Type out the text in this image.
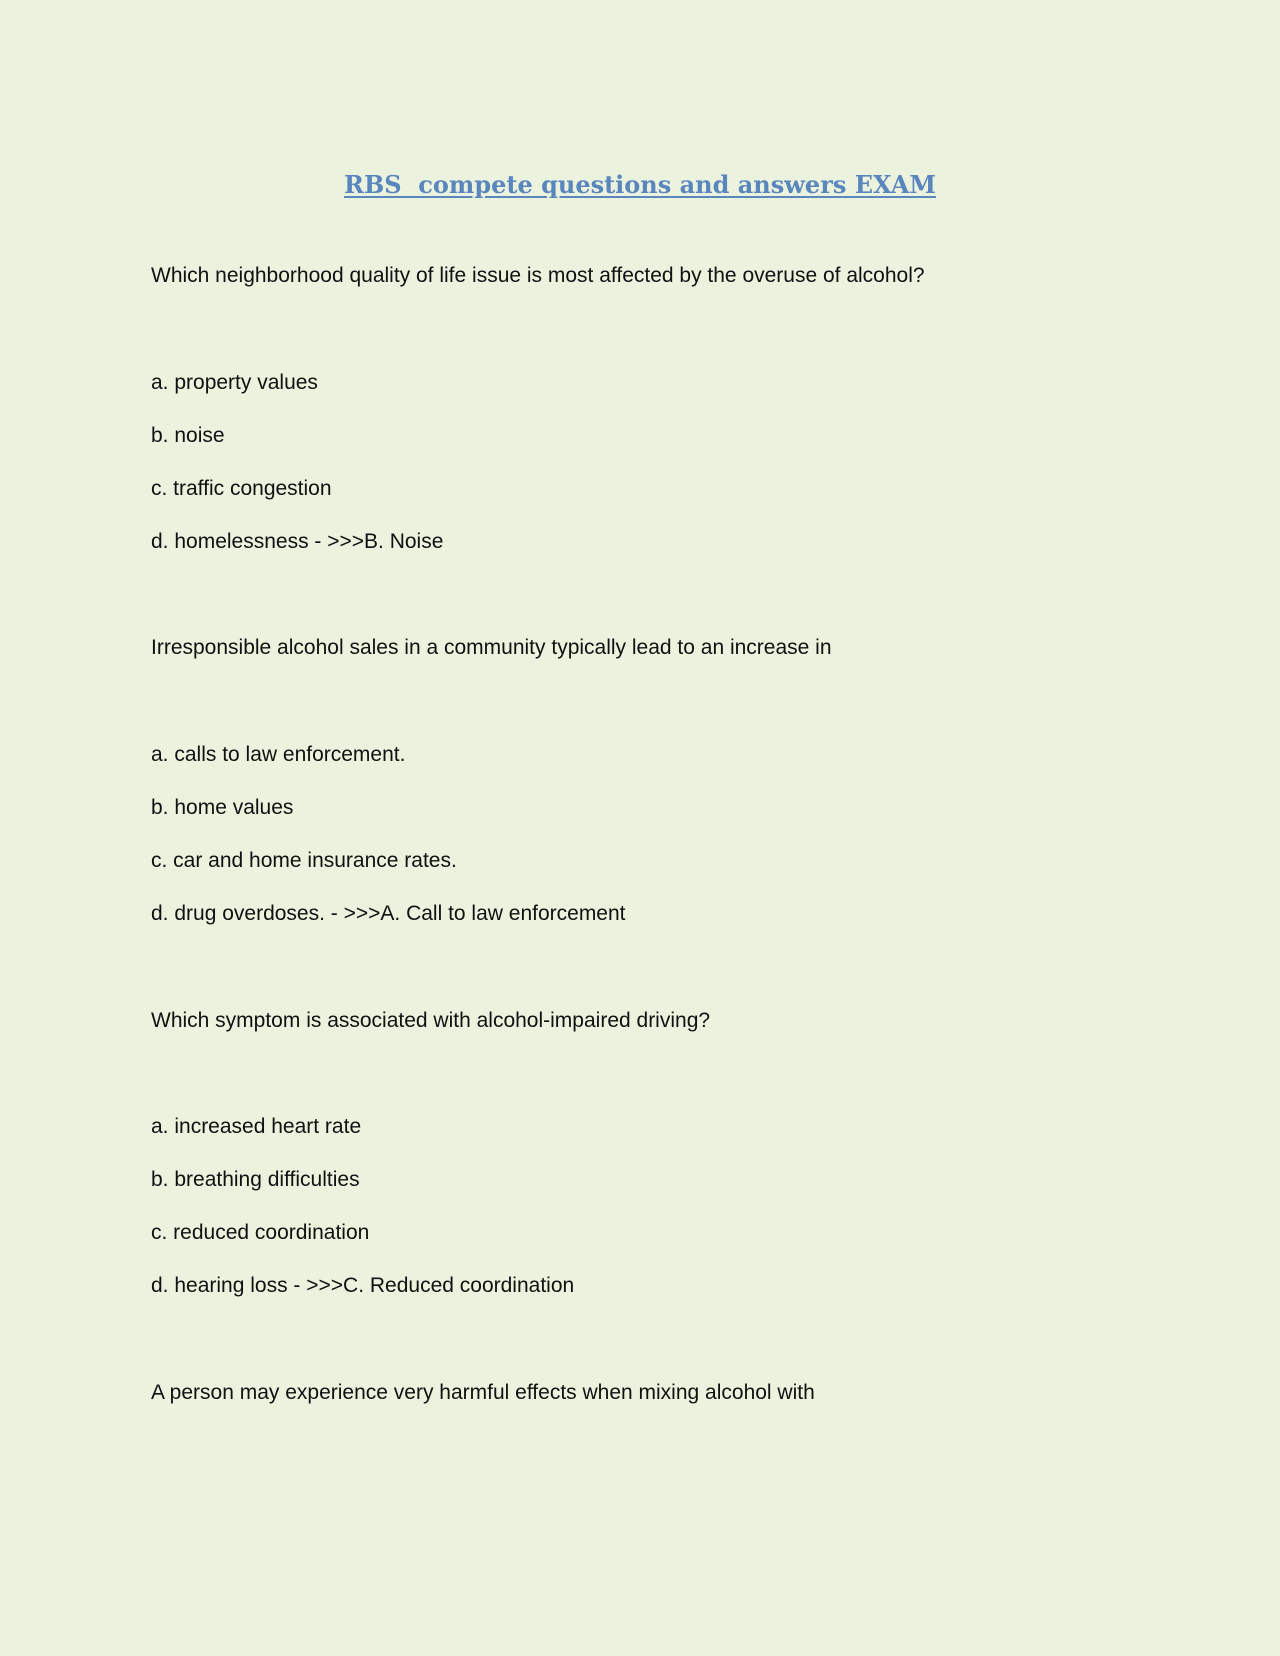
RBS  compete questions and answers EXAM
Which neighborhood quality of life issue is most affected by the overuse of alcohol?
a. property values
b. noise
c. traffic congestion
d. homelessness - >>>B. Noise
Irresponsible alcohol sales in a community typically lead to an increase in
a. calls to law enforcement.
b. home values
c. car and home insurance rates.
d. drug overdoses. - >>>A. Call to law enforcement
Which symptom is associated with alcohol-impaired driving?
a. increased heart rate
b. breathing difficulties
c. reduced coordination
d. hearing loss - >>>C. Reduced coordination
A person may experience very harmful effects when mixing alcohol with
